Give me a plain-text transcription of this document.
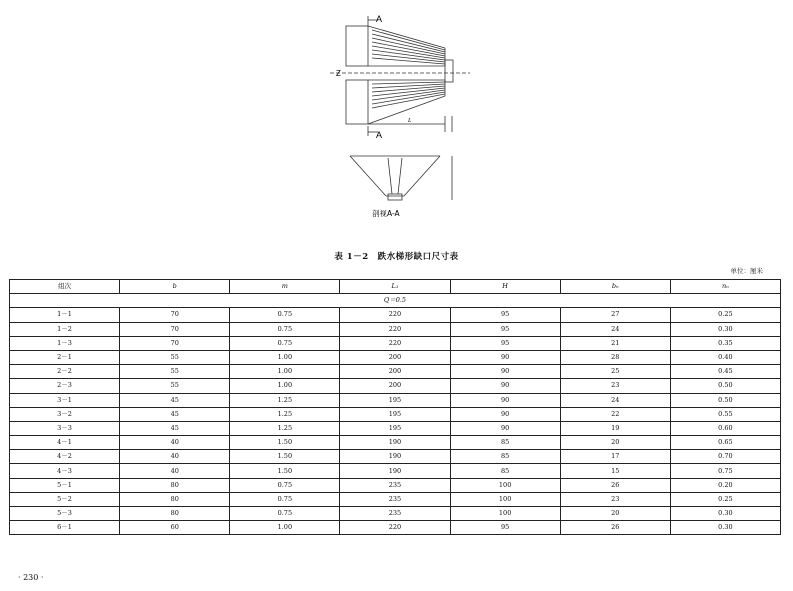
A
A
Z
L
剖视A-A
表 1－2　跌水梯形缺口尺寸表
单位：厘米
组次	b	m	L₁	H	bₙ	nₙ
Q＝0.5						
1－1	70	0.75	220	95	27	0.25
1－2	70	0.75	220	95	24	0.30
1－3	70	0.75	220	95	21	0.35
2－1	55	1.00	200	90	28	0.40
2－2	55	1.00	200	90	25	0.45
2－3	55	1.00	200	90	23	0.50
3－1	45	1.25	195	90	24	0.50
3－2	45	1.25	195	90	22	0.55
3－3	45	1.25	195	90	19	0.60
4－1	40	1.50	190	85	20	0.65
4－2	40	1.50	190	85	17	0.70
4－3	40	1.50	190	85	15	0.75
5－1	80	0.75	235	100	26	0.20
5－2	80	0.75	235	100	23	0.25
5－3	80	0.75	235	100	20	0.30
6－1	60	1.00	220	95	26	0.30
· 230 ·
